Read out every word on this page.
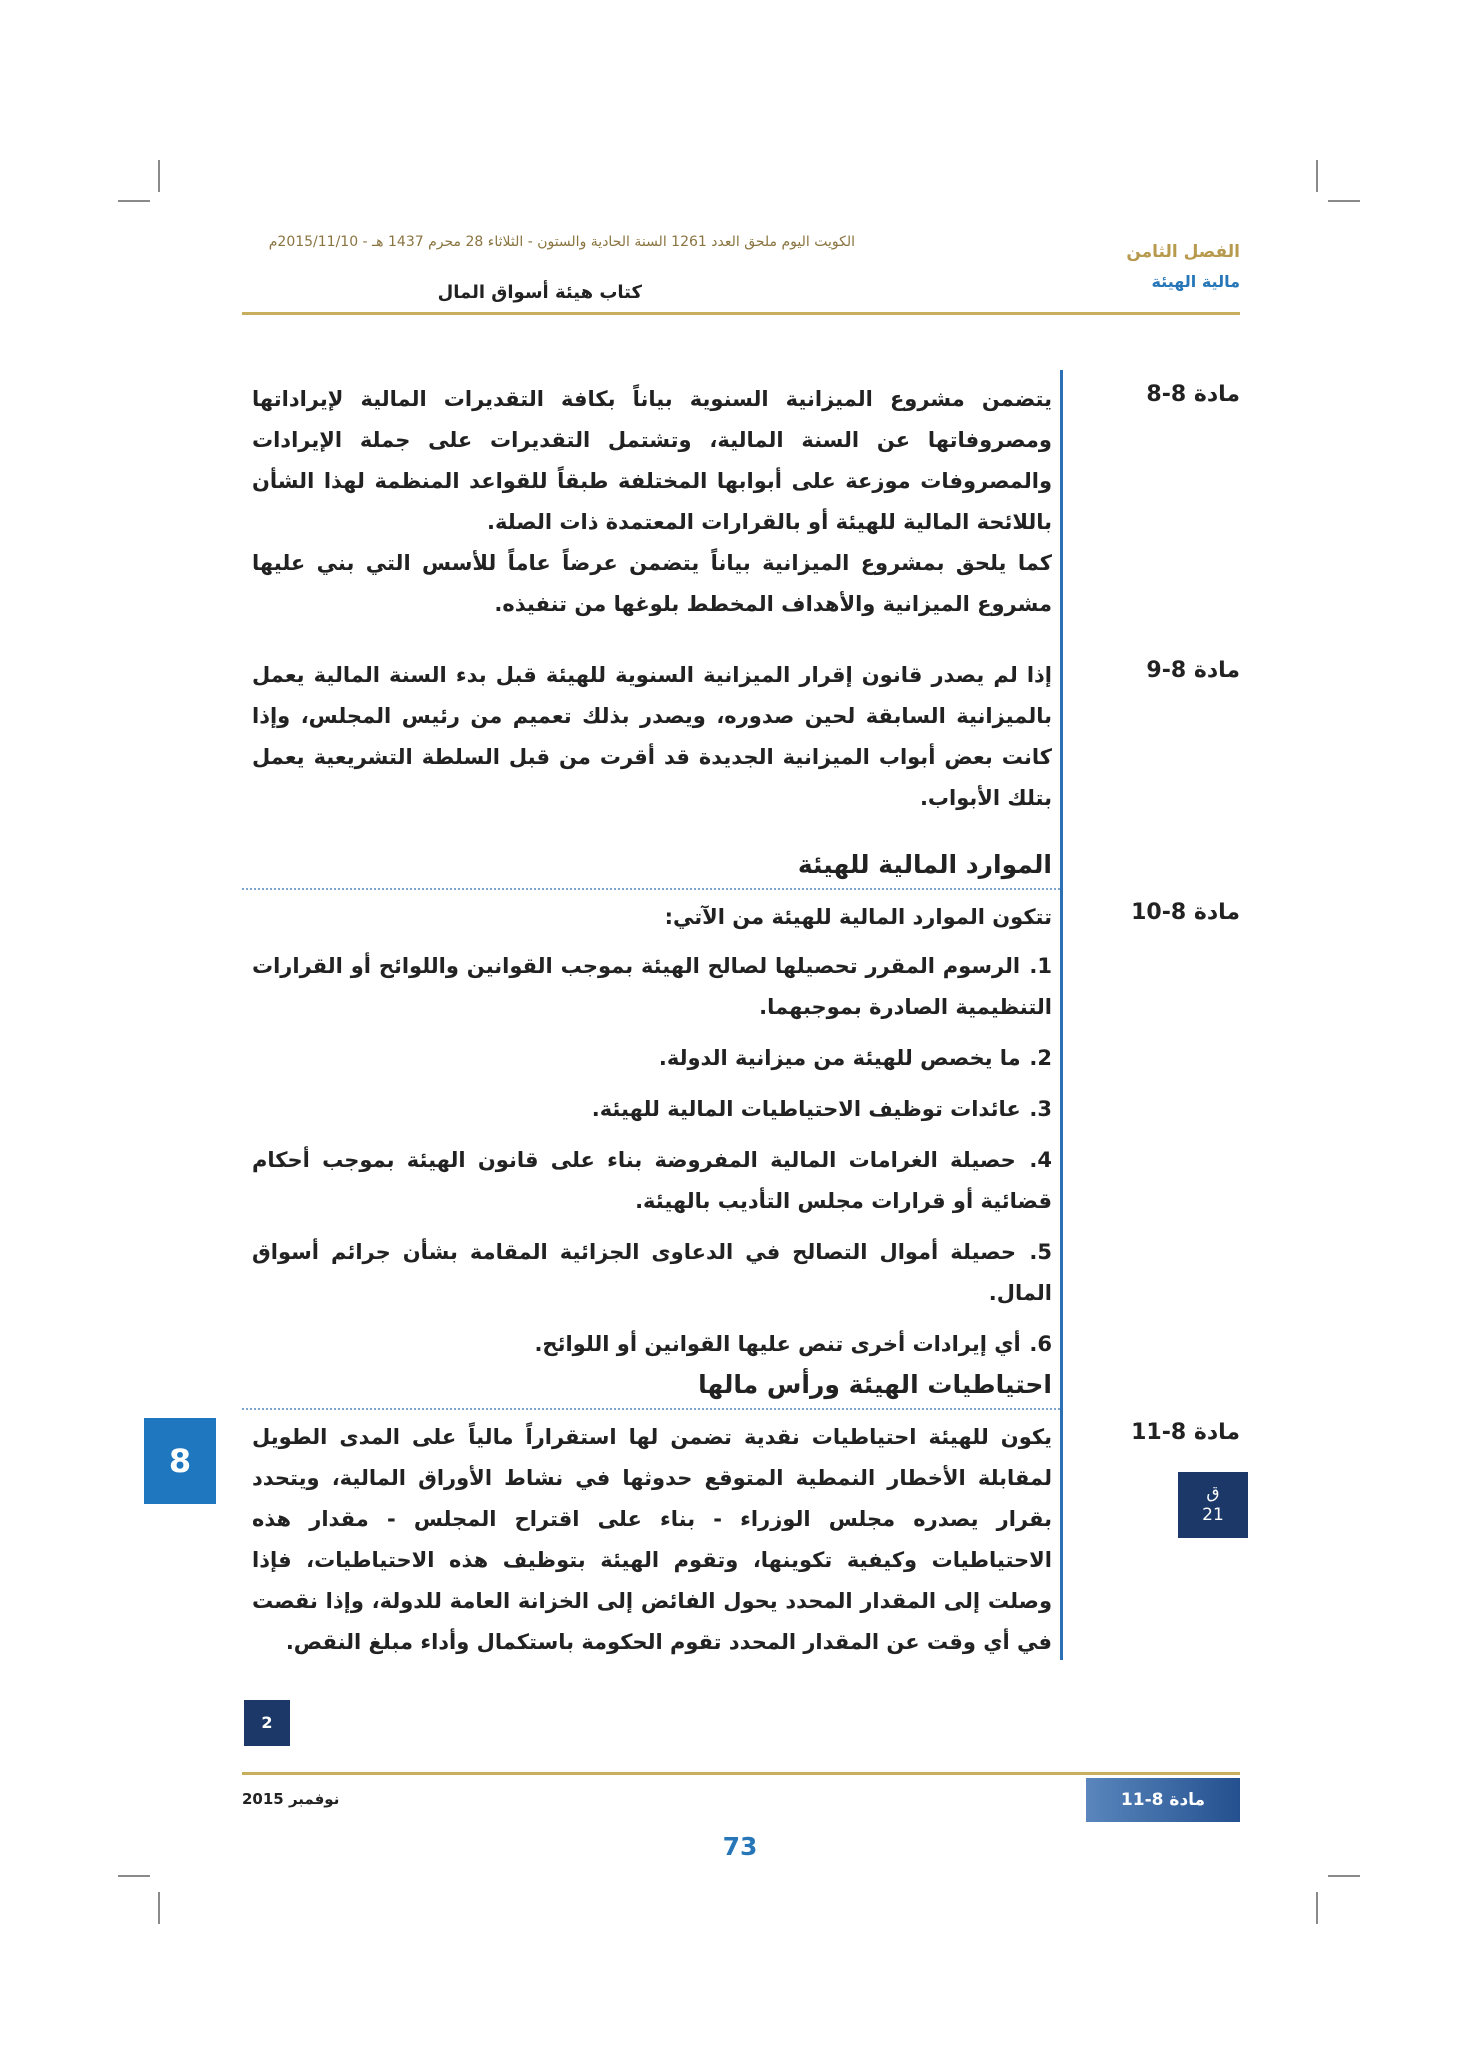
الكويت اليوم ملحق العدد 1261 السنة الحادية والستون - الثلاثاء 28 محرم 1437 هـ - 2015/11/10م	الفصل الثامن
مالية الهيئة
كتاب هيئة أسواق المال
مادة 8-8
يتضمن مشروع الميزانية السنوية بياناً بكافة التقديرات المالية لإيراداتها ومصروفاتها عن السنة المالية، وتشتمل التقديرات على جملة الإيرادات والمصروفات موزعة على أبوابها المختلفة طبقاً للقواعد المنظمة لهذا الشأن باللائحة المالية للهيئة أو بالقرارات المعتمدة ذات الصلة.
كما يلحق بمشروع الميزانية بياناً يتضمن عرضاً عاماً للأسس التي بني عليها مشروع الميزانية والأهداف المخطط بلوغها من تنفيذه.
مادة 8-9
إذا لم يصدر قانون إقرار الميزانية السنوية للهيئة قبل بدء السنة المالية يعمل بالميزانية السابقة لحين صدوره، ويصدر بذلك تعميم من رئيس المجلس، وإذا كانت بعض أبواب الميزانية الجديدة قد أقرت من قبل السلطة التشريعية يعمل بتلك الأبواب.
الموارد المالية للهيئة
مادة 8-10
تتكون الموارد المالية للهيئة من الآتي:
1. الرسوم المقرر تحصيلها لصالح الهيئة بموجب القوانين واللوائح أو القرارات التنظيمية الصادرة بموجبهما.
2. ما يخصص للهيئة من ميزانية الدولة.
3. عائدات توظيف الاحتياطيات المالية للهيئة.
4. حصيلة الغرامات المالية المفروضة بناء على قانون الهيئة بموجب أحكام قضائية أو قرارات مجلس التأديب بالهيئة.
5. حصيلة أموال التصالح في الدعاوى الجزائية المقامة بشأن جرائم أسواق المال.
6. أي إيرادات أخرى تنص عليها القوانين أو اللوائح.
احتياطيات الهيئة ورأس مالها
مادة 8-11
يكون للهيئة احتياطيات نقدية تضمن لها استقراراً مالياً على المدى الطويل لمقابلة الأخطار النمطية المتوقع حدوثها في نشاط الأوراق المالية، ويتحدد بقرار يصدره مجلس الوزراء - بناء على اقتراح المجلس - مقدار هذه الاحتياطيات وكيفية تكوينها، وتقوم الهيئة بتوظيف هذه الاحتياطيات، فإذا وصلت إلى المقدار المحدد يحول الفائض إلى الخزانة العامة للدولة، وإذا نقصت في أي وقت عن المقدار المحدد تقوم الحكومة باستكمال وأداء مبلغ النقص.
8
ق
21
2
نوفمبر 2015	مادة 8-11
73
